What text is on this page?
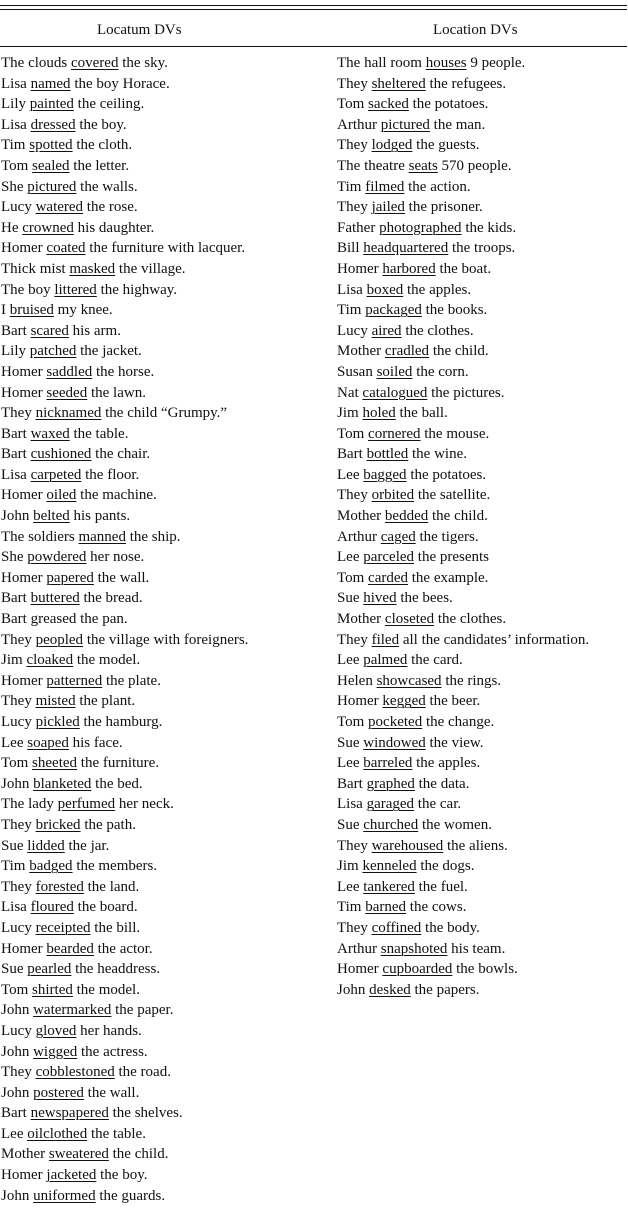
Locatum DVs	Location DVs
The clouds covered the sky.
Lisa named the boy Horace.
Lily painted the ceiling.
Lisa dressed the boy.
Tim spotted the cloth.
Tom sealed the letter.
She pictured the walls.
Lucy watered the rose.
He crowned his daughter.
Homer coated the furniture with lacquer.
Thick mist masked the village.
The boy littered the highway.
I bruised my knee.
Bart scared his arm.
Lily patched the jacket.
Homer saddled the horse.
Homer seeded the lawn.
They nicknamed the child “Grumpy.”
Bart waxed the table.
Bart cushioned the chair.
Lisa carpeted the floor.
Homer oiled the machine.
John belted his pants.
The soldiers manned the ship.
She powdered her nose.
Homer papered the wall.
Bart buttered the bread.
Bart greased the pan.
They peopled the village with foreigners.
Jim cloaked the model.
Homer patterned the plate.
They misted the plant.
Lucy pickled the hamburg.
Lee soaped his face.
Tom sheeted the furniture.
John blanketed the bed.
The lady perfumed her neck.
They bricked the path.
Sue lidded the jar.
Tim badged the members.
They forested the land.
Lisa floured the board.
Lucy receipted the bill.
Homer bearded the actor.
Sue pearled the headdress.
Tom shirted the model.
John watermarked the paper.
Lucy gloved her hands.
John wigged the actress.
They cobblestoned the road.
John postered the wall.
Bart newspapered the shelves.
Lee oilclothed the table.
Mother sweatered the child.
Homer jacketed the boy.
John uniformed the guards.
The hall room houses 9 people.
They sheltered the refugees.
Tom sacked the potatoes.
Arthur pictured the man.
They lodged the guests.
The theatre seats 570 people.
Tim filmed the action.
They jailed the prisoner.
Father photographed the kids.
Bill headquartered the troops.
Homer harbored the boat.
Lisa boxed the apples.
Tim packaged the books.
Lucy aired the clothes.
Mother cradled the child.
Susan soiled the corn.
Nat catalogued the pictures.
Jim holed the ball.
Tom cornered the mouse.
Bart bottled the wine.
Lee bagged the potatoes.
They orbited the satellite.
Mother bedded the child.
Arthur caged the tigers.
Lee parceled the presents
Tom carded the example.
Sue hived the bees.
Mother closeted the clothes.
They filed all the candidates’ information.
Lee palmed the card.
Helen showcased the rings.
Homer kegged the beer.
Tom pocketed the change.
Sue windowed the view.
Lee barreled the apples.
Bart graphed the data.
Lisa garaged the car.
Sue churched the women.
They warehoused the aliens.
Jim kenneled the dogs.
Lee tankered the fuel.
Tim barned the cows.
They coffined the body.
Arthur snapshoted his team.
Homer cupboarded the bowls.
John desked the papers.
